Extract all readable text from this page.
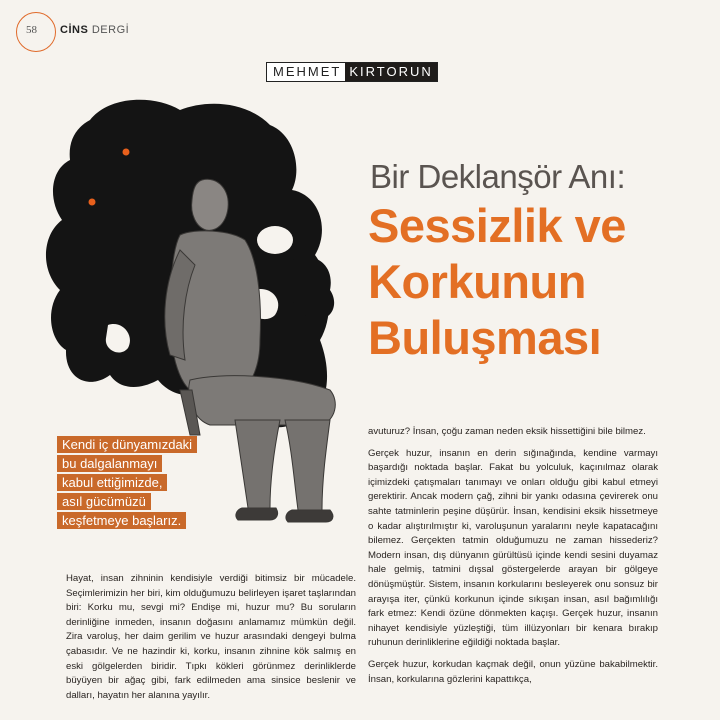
58 CİNS DERGİ
MEHMET KIRTORUN
Bir Deklanşör Anı:
Sessizlik ve Korkunun Buluşması
Kendi iç dünyamızdaki
bu dalgalanmayı
kabul ettiğimizde,
asıl gücümüzü
keşfetmeye başlarız.

Hayat, insan zihninin kendisiyle verdiği bitimsiz bir mücadele. Seçimlerimizin her biri, kim olduğumuzu belirleyen işaret taşlarından biri: Korku mu, sevgi mi? Endişe mi, huzur mu? Bu soruların derinliğine inmeden, insanın doğasını anlamamız mümkün değil. Zira varoluş, her daim gerilim ve huzur arasındaki dengeyi bulma çabasıdır. Ve ne hazindir ki, korku, insanın zihnine kök salmış en eski gölgelerden biridir. Tıpkı kökleri görünmez derinliklerde büyüyen bir ağaç gibi, fark edilmeden ama sinsice beslenir ve dalları, hayatın her alanına yayılır.

avuturuz? İnsan, çoğu zaman neden eksik hissettiğini bile bilmez.

Gerçek huzur, insanın en derin sığınağında, kendine varmayı başardığı noktada başlar. Fakat bu yolculuk, kaçınılmaz olarak içimizdeki çatışmaları tanımayı ve onları olduğu gibi kabul etmeyi gerektirir. Ancak modern çağ, zihni bir yankı odasına çevirerek onu sahte tatminlerin peşine düşürür. İnsan, kendisini eksik hissetmeye o kadar alıştırılmıştır ki, varoluşunun yaralarını neyle kapatacağını bilemez. Gerçekten tatmin olduğumuzu ne zaman hissederiz? Modern insan, dış dünyanın gürültüsü içinde kendi sesini duyamaz hale gelmiş, tatmini dışsal göstergelerde arayan bir gölgeye dönüşmüştür. Sistem, insanın korkularını besleyerek onu sonsuz bir arayışa iter, çünkü korkunun içinde sıkışan insan, asıl bağımlılığı fark etmez: Kendi özüne dönmekten kaçışı. Gerçek huzur, insanın nihayet kendisiyle yüzleştiği, tüm illüzyonları bir kenara bırakıp ruhunun derinliklerine eğildiği noktada başlar.

Gerçek huzur, korkudan kaçmak değil, onun yüzüne bakabilmektir. İnsan, korkularına gözlerini kapattıkça,
